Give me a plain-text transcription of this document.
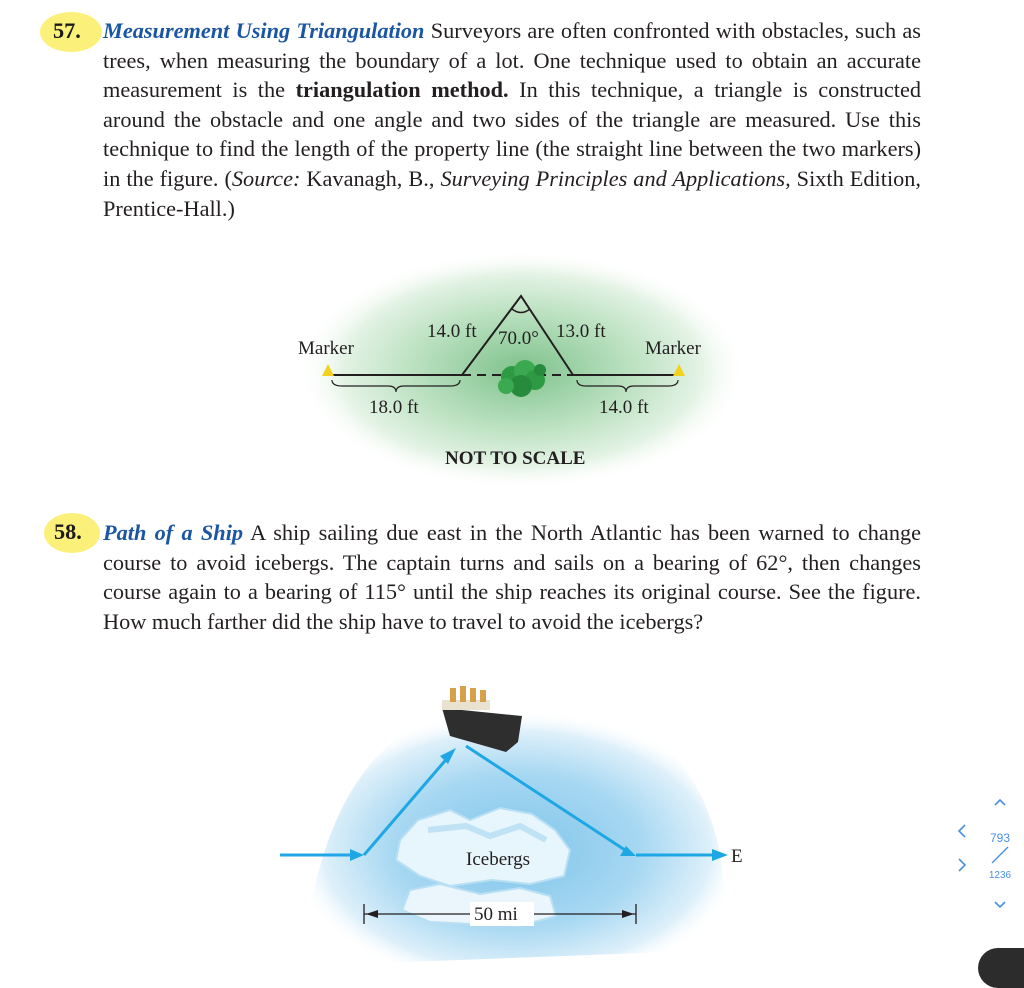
57. Measurement Using Triangulation Surveyors are often confronted with obstacles, such as trees, when measuring the boundary of a lot. One technique used to obtain an accurate measurement is the triangulation method. In this technique, a triangle is constructed around the obstacle and one angle and two sides of the triangle are measured. Use this technique to find the length of the property line (the straight line between the two markers) in the figure. (Source: Kavanagh, B., Surveying Principles and Applications, Sixth Edition, Prentice-Hall.)
Marker	Marker
14.0 ft	13.0 ft
70.0°
18.0 ft	14.0 ft
NOT TO SCALE
58. Path of a Ship A ship sailing due east in the North Atlantic has been warned to change course to avoid icebergs. The captain turns and sails on a bearing of 62°, then changes course again to a bearing of 115° until the ship reaches its original course. See the figure. How much farther did the ship have to travel to avoid the icebergs?
Icebergs
50 mi
E
793
1236
